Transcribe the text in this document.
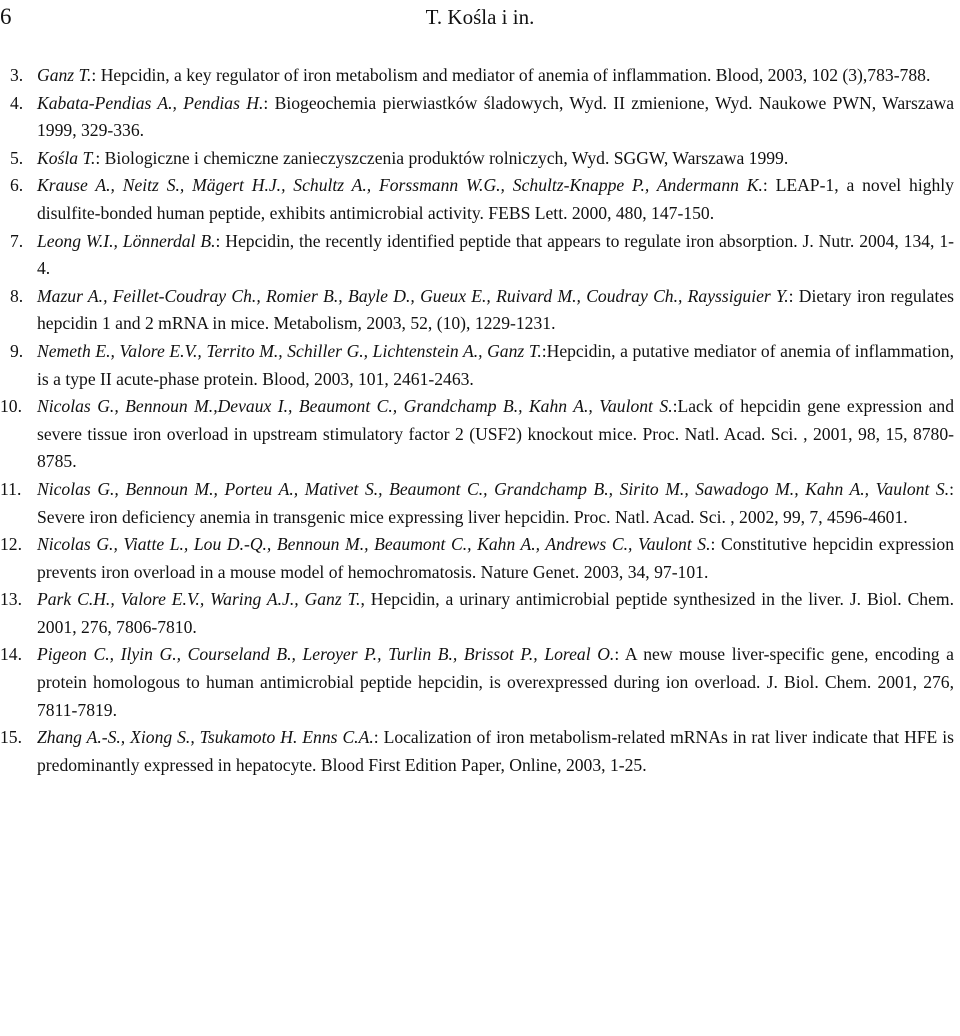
6	T. Kośla i in.
3. Ganz T.: Hepcidin, a key regulator of iron metabolism and mediator of anemia of inflammation. Blood, 2003, 102 (3),783-788.
4. Kabata-Pendias A., Pendias H.: Biogeochemia pierwiastków śladowych, Wyd. II zmienione, Wyd. Naukowe PWN, Warszawa 1999, 329-336.
5. Kośla T.: Biologiczne i chemiczne zanieczyszczenia produktów rolniczych, Wyd. SGGW, Warszawa 1999.
6. Krause A., Neitz S., Mägert H.J., Schultz A., Forssmann W.G., Schultz-Knappe P., Andermann K.: LEAP-1, a novel highly disulfite-bonded human peptide, exhibits antimicrobial activity. FEBS Lett. 2000, 480, 147-150.
7. Leong W.I., Lönnerdal B.: Hepcidin, the recently identified peptide that appears to regulate iron absorption. J. Nutr. 2004, 134, 1-4.
8. Mazur A., Feillet-Coudray Ch., Romier B., Bayle D., Gueux E., Ruivard M., Coudray Ch., Rayssiguier Y.: Dietary iron regulates hepcidin 1 and 2 mRNA in mice. Metabolism, 2003, 52, (10), 1229-1231.
9. Nemeth E., Valore E.V., Territo M., Schiller G., Lichtenstein A., Ganz T.:Hepcidin, a putative mediator of anemia of inflammation, is a type II acute-phase protein. Blood, 2003, 101, 2461-2463.
10. Nicolas G., Bennoun M.,Devaux I., Beaumont C., Grandchamp B., Kahn A., Vaulont S.:Lack of hepcidin gene expression and severe tissue iron overload in upstream stimulatory factor 2 (USF2) knockout mice. Proc. Natl. Acad. Sci. , 2001, 98, 15, 8780-8785.
11. Nicolas G., Bennoun M., Porteu A., Mativet S., Beaumont C., Grandchamp B., Sirito M., Sawadogo M., Kahn A., Vaulont S.: Severe iron deficiency anemia in transgenic mice expressing liver hepcidin. Proc. Natl. Acad. Sci. , 2002, 99, 7, 4596-4601.
12. Nicolas G., Viatte L., Lou D.-Q., Bennoun M., Beaumont C., Kahn A., Andrews C., Vaulont S.: Constitutive hepcidin expression prevents iron overload in a mouse model of hemochromatosis. Nature Genet. 2003, 34, 97-101.
13. Park C.H., Valore E.V., Waring A.J., Ganz T., Hepcidin, a urinary antimicrobial peptide synthesized in the liver. J. Biol. Chem. 2001, 276, 7806-7810.
14. Pigeon C., Ilyin G., Courseland B., Leroyer P., Turlin B., Brissot P., Loreal O.: A new mouse liver-specific gene, encoding a protein homologous to human antimicrobial peptide hepcidin, is overexpressed during ion overload. J. Biol. Chem. 2001, 276, 7811-7819.
15. Zhang A.-S., Xiong S., Tsukamoto H. Enns C.A.: Localization of iron metabolism-related mRNAs in rat liver indicate that HFE is predominantly expressed in hepatocyte. Blood First Edition Paper, Online, 2003, 1-25.
